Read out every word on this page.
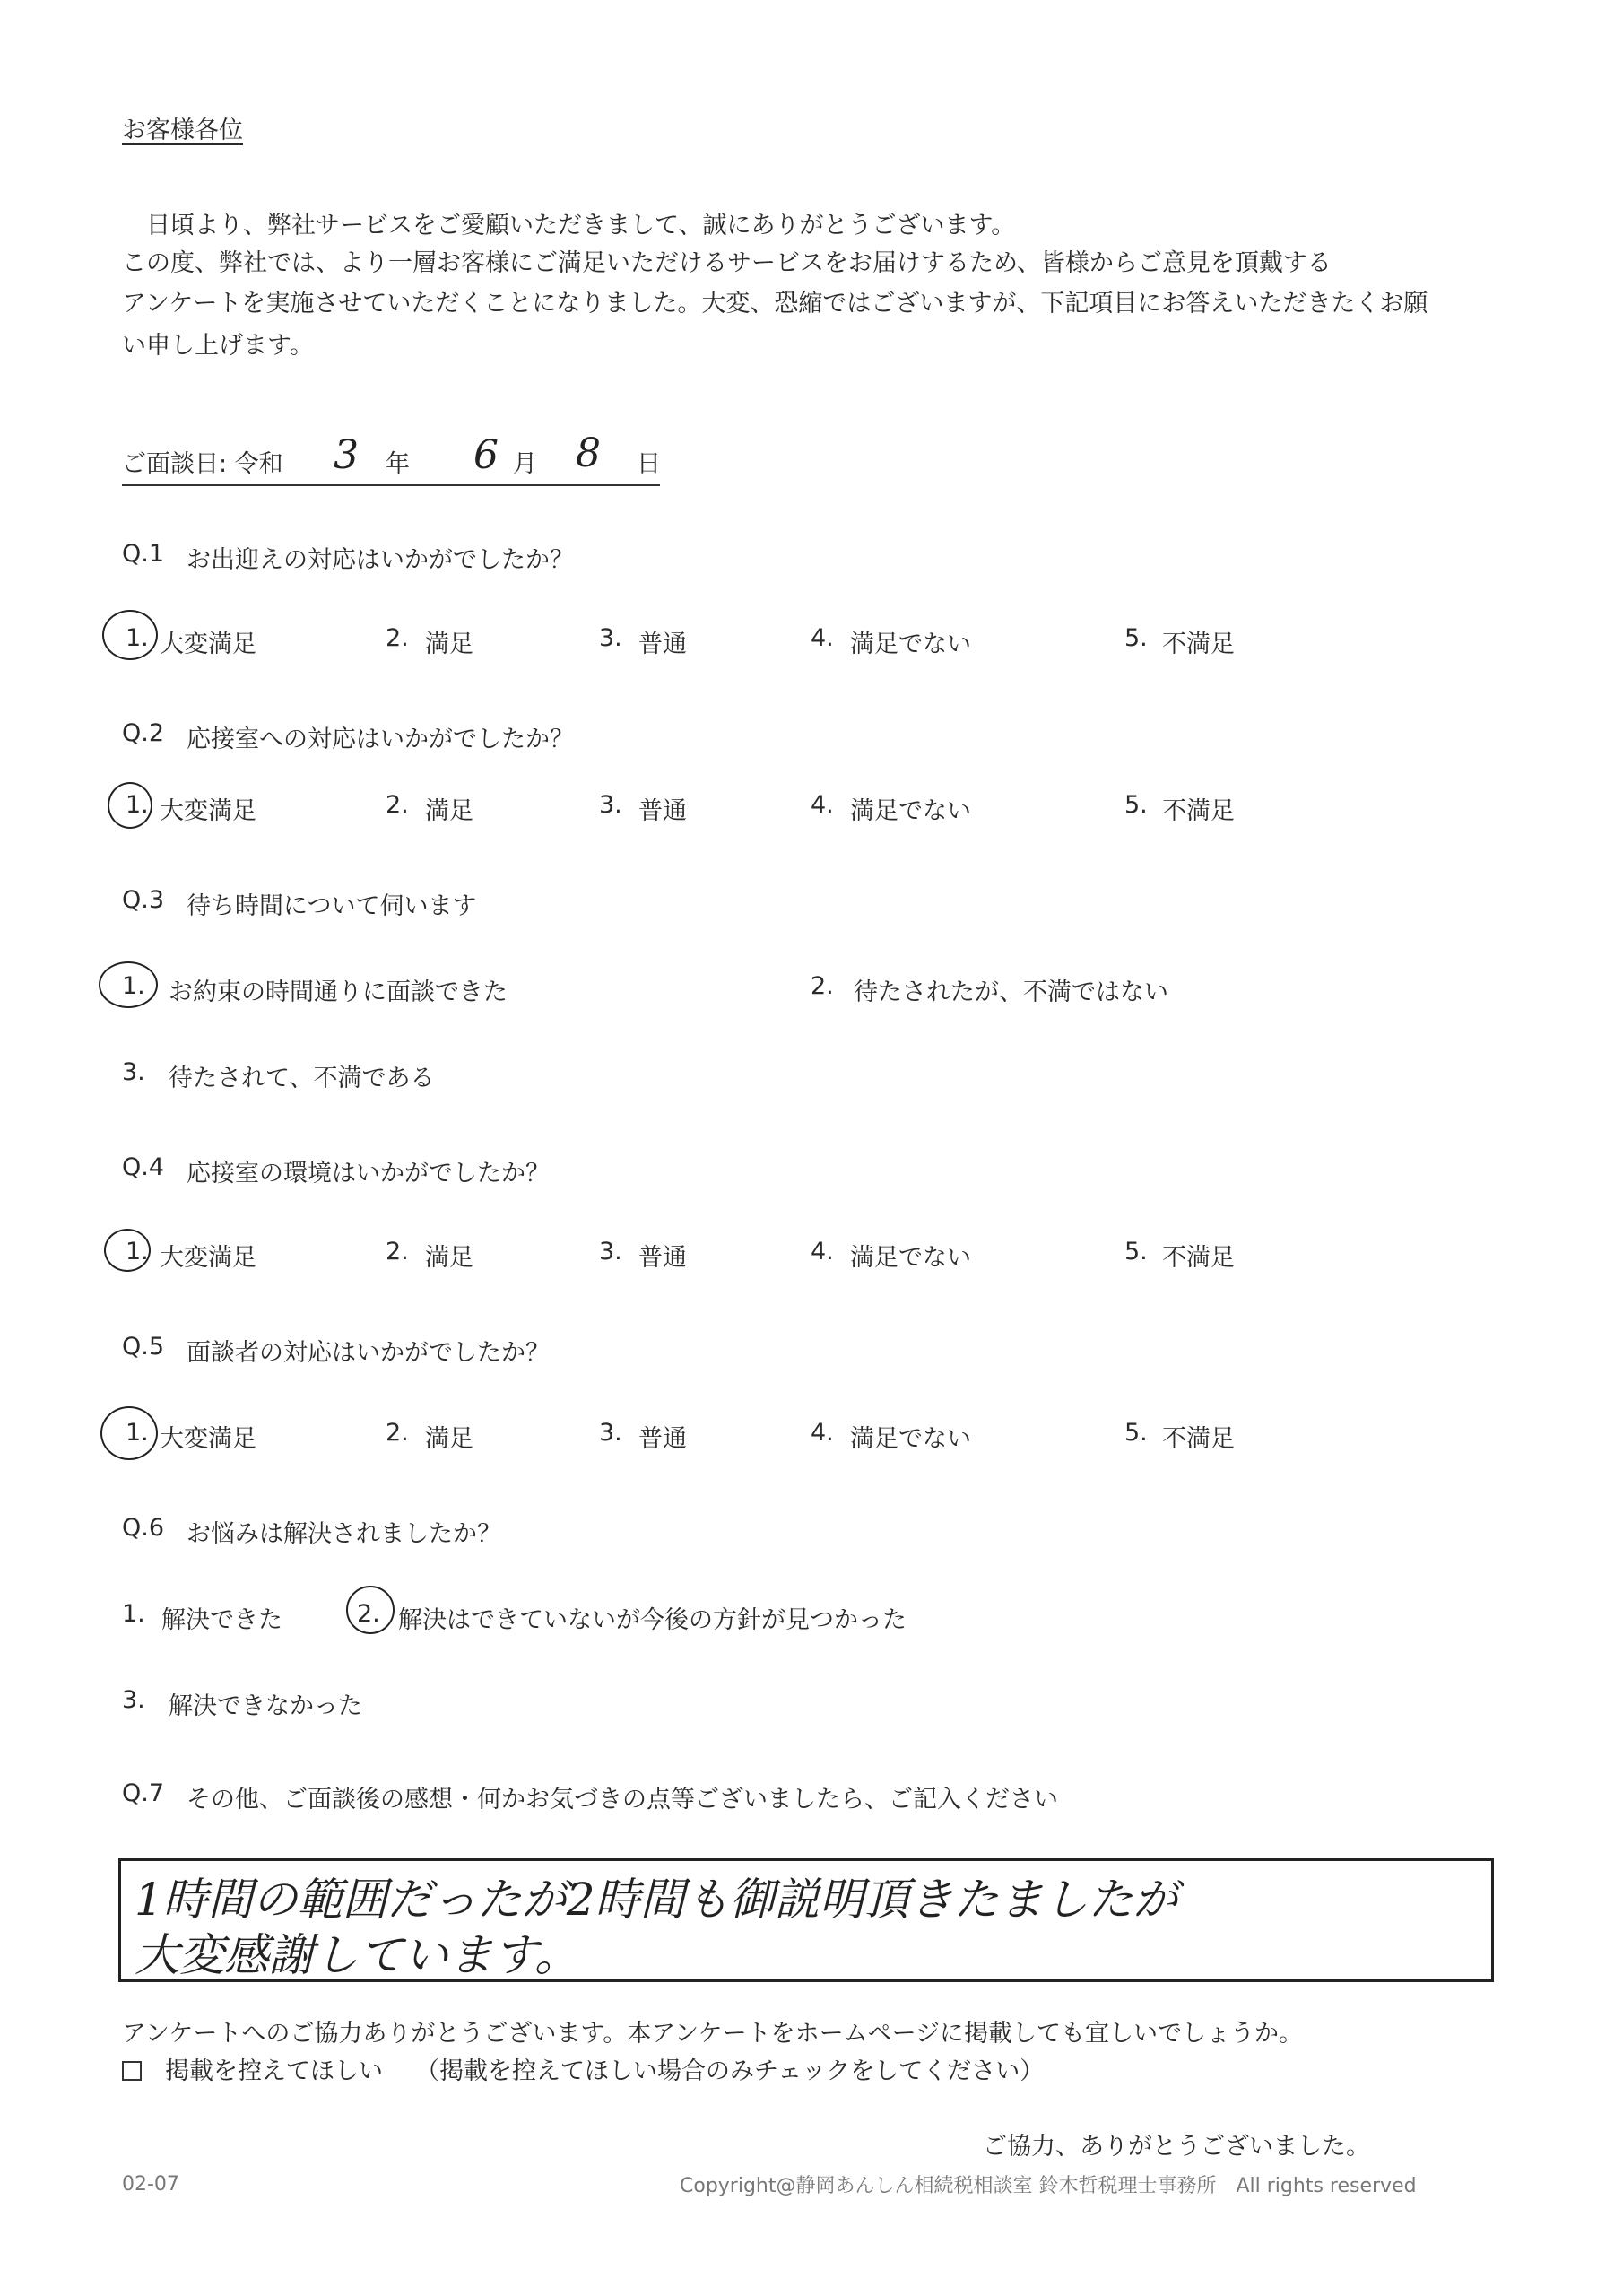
お客様各位
　日頃より、弊社サービスをご愛顧いただきまして、誠にありがとうございます。
この度、弊社では、より一層お客様にご満足いただけるサービスをお届けするため、皆様からご意見を頂戴する
アンケートを実施させていただくことになりました。大変、恐縮ではございますが、下記項目にお答えいただきたくお願
い申し上げます。
ご面談日: 令和 3 年 6 月 8 日
Q.1 お出迎えの対応はいかがでしたか？
1. 大変満足	2. 満足	3. 普通	4. 満足でない	5. 不満足
Q.2 応接室への対応はいかがでしたか？
1. 大変満足	2. 満足	3. 普通	4. 満足でない	5. 不満足
Q.3 待ち時間について伺います
1. お約束の時間通りに面談できた	2. 待たされたが、不満ではない
3. 待たされて、不満である
Q.4 応接室の環境はいかがでしたか？
1. 大変満足	2. 満足	3. 普通	4. 満足でない	5. 不満足
Q.5 面談者の対応はいかがでしたか？
1. 大変満足	2. 満足	3. 普通	4. 満足でない	5. 不満足
Q.6 お悩みは解決されましたか？
1. 解決できた	2. 解決はできていないが今後の方針が見つかった
3. 解決できなかった
Q.7 その他、ご面談後の感想・何かお気づきの点等ございましたら、ご記入ください
1時間の範囲だったが2時間も御説明頂きたましたが
大変感謝しています。
アンケートへのご協力ありがとうございます。本アンケートをホームページに掲載しても宜しいでしょうか。
掲載を控えてほしい （掲載を控えてほしい場合のみチェックをしてください）
ご協力、ありがとうございました。
02-07	Copyright@静岡あんしん相続税相談室 鈴木哲税理士事務所　All rights reserved
